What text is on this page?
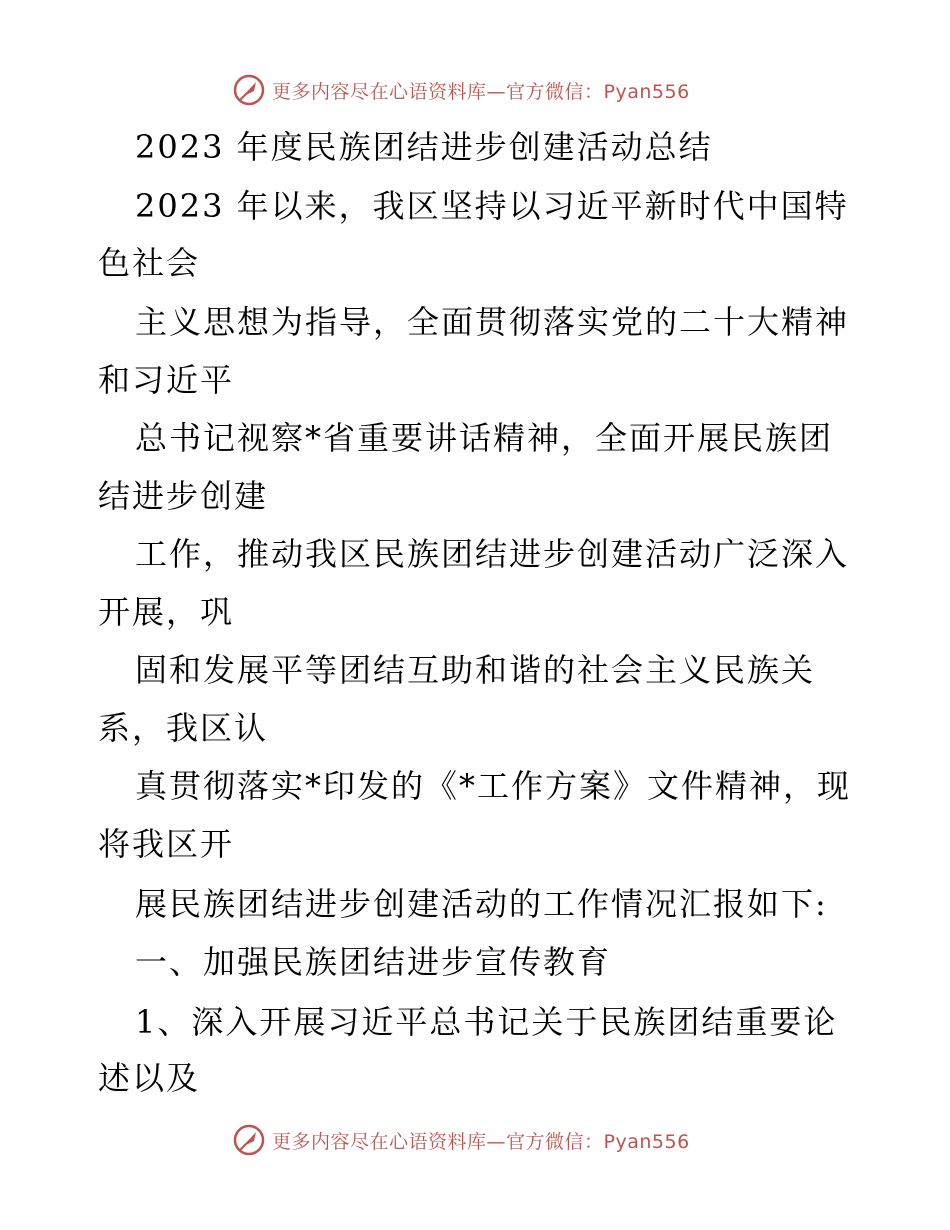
更多内容尽在心语资料库—官方微信：Pyan556
2023 年度民族团结进步创建活动总结
2023 年以来，我区坚持以习近平新时代中国特
色社会
主义思想为指导，全面贯彻落实党的二十大精神
和习近平
总书记视察*省重要讲话精神，全面开展民族团
结进步创建
工作，推动我区民族团结进步创建活动广泛深入
开展，巩
固和发展平等团结互助和谐的社会主义民族关
系，我区认
真贯彻落实*印发的《*工作方案》文件精神，现
将我区开
展民族团结进步创建活动的工作情况汇报如下:
一、加强民族团结进步宣传教育
1、深入开展习近平总书记关于民族团结重要论
述以及
更多内容尽在心语资料库—官方微信：Pyan556
